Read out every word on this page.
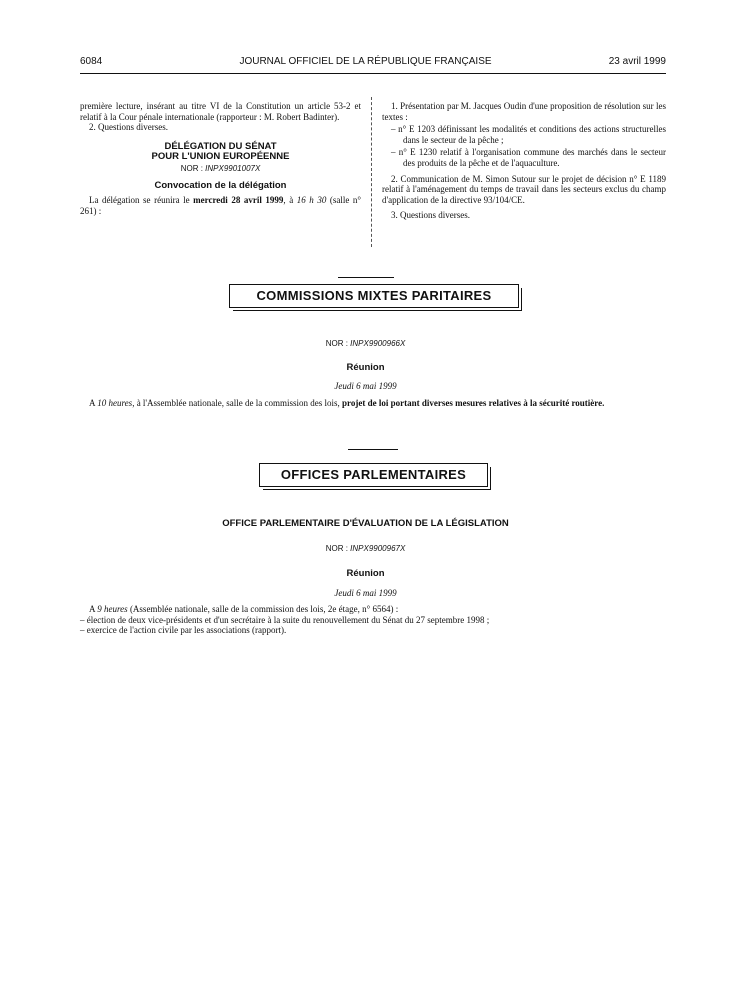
6084	JOURNAL OFFICIEL DE LA RÉPUBLIQUE FRANÇAISE	23 avril 1999

première lecture, insérant au titre VI de la Constitution un article 53-2 et relatif à la Cour pénale internationale (rapporteur : M. Robert Badinter).

2. Questions diverses.

DÉLÉGATION DU SÉNAT

POUR L'UNION EUROPÉENNE

NOR : INPX9901007X

Convocation de la délégation

La délégation se réunira le mercredi 28 avril 1999, à 16 h 30 (salle n° 261) :

1. Présentation par M. Jacques Oudin d'une proposition de résolution sur les textes :

– n° E 1203 définissant les modalités et conditions des actions structurelles dans le secteur de la pêche ;

– n° E 1230 relatif à l'organisation commune des marchés dans le secteur des produits de la pêche et de l'aquaculture.

2. Communication de M. Simon Sutour sur le projet de décision n° E 1189 relatif à l'aménagement du temps de travail dans les secteurs exclus du champ d'application de la directive 93/104/CE.

3. Questions diverses.

COMMISSIONS MIXTES PARITAIRES

NOR : INPX9900966X

Réunion

Jeudi 6 mai 1999

A 10 heures, à l'Assemblée nationale, salle de la commission des lois, projet de loi portant diverses mesures relatives à la sécurité routière.

OFFICES PARLEMENTAIRES

OFFICE PARLEMENTAIRE D'ÉVALUATION DE LA LÉGISLATION

NOR : INPX9900967X

Réunion

Jeudi 6 mai 1999

A 9 heures (Assemblée nationale, salle de la commission des lois, 2e étage, n° 6564) :

– élection de deux vice-présidents et d'un secrétaire à la suite du renouvellement du Sénat du 27 septembre 1998 ;

– exercice de l'action civile par les associations (rapport).
